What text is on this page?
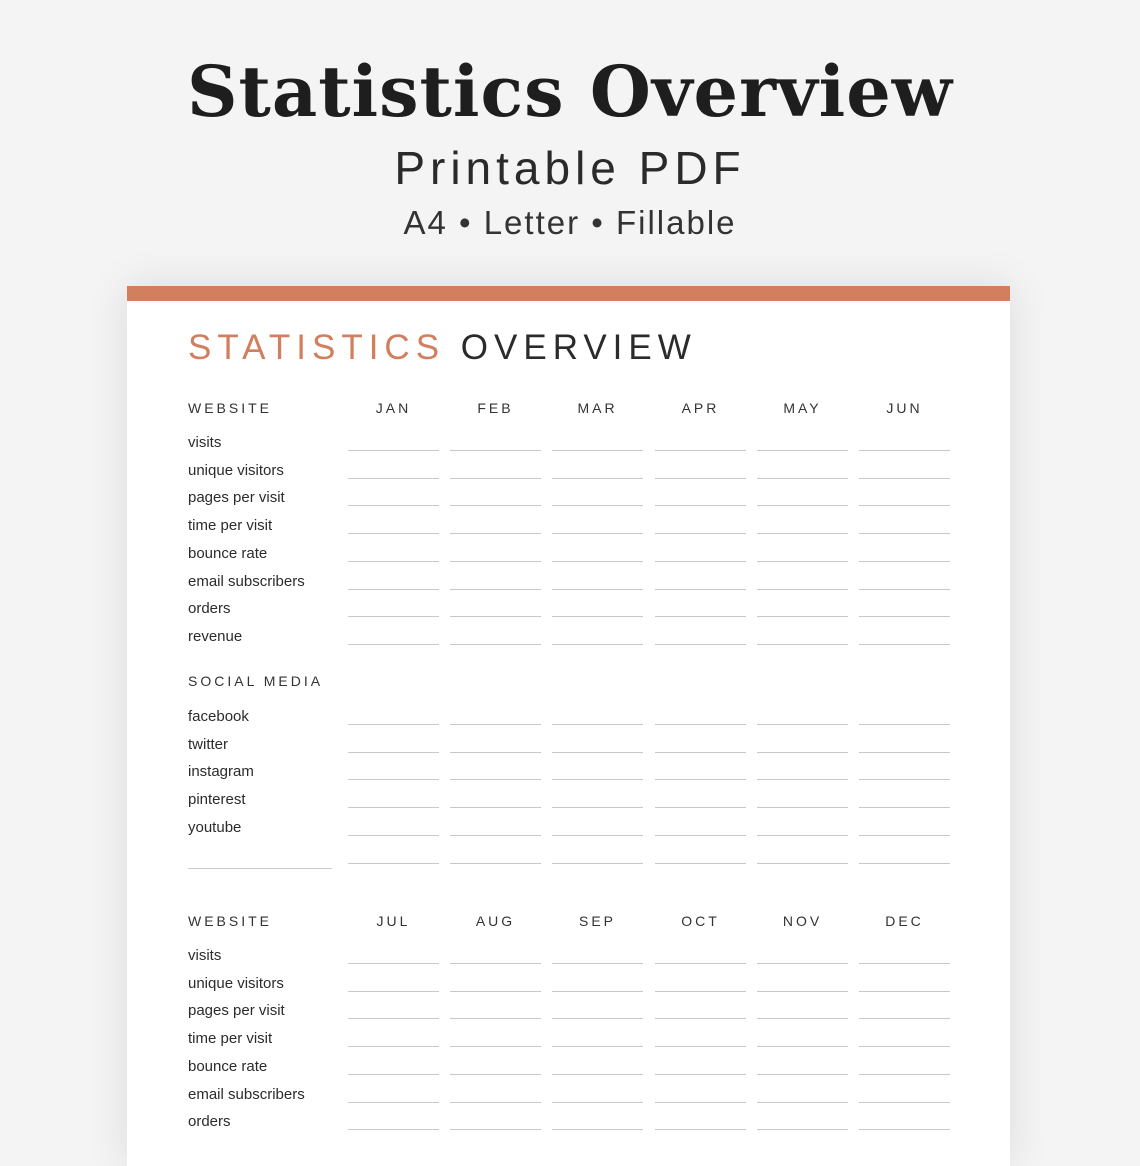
Statistics Overview
Printable PDF
A4 • Letter • Fillable
STATISTICS OVERVIEW
WEBSITE	JAN	FEB	MAR	APR	MAY	JUN
visits
unique visitors
pages per visit
time per visit
bounce rate
email subscribers
orders
revenue
SOCIAL MEDIA
facebook
twitter
instagram
pinterest
youtube
WEBSITE	JUL	AUG	SEP	OCT	NOV	DEC
visits
unique visitors
pages per visit
time per visit
bounce rate
email subscribers
orders
